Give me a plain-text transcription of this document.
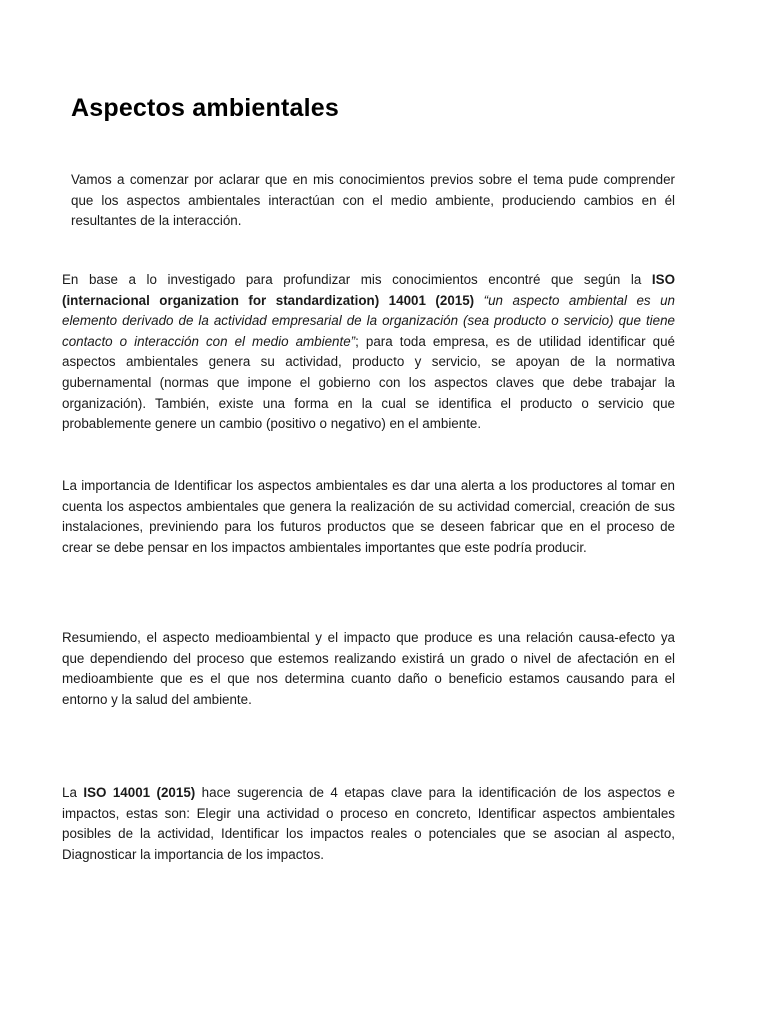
Aspectos ambientales

Vamos a comenzar por aclarar que en mis conocimientos previos sobre el tema pude comprender que los aspectos ambientales interactúan con el medio ambiente, produciendo cambios en él resultantes de la interacción.

En base a lo investigado para profundizar mis conocimientos encontré que según la ISO (internacional organization for standardization) 14001 (2015) “un aspecto ambiental es un elemento derivado de la actividad empresarial de la organización (sea producto o servicio) que tiene contacto o interacción con el medio ambiente”; para toda empresa, es de utilidad identificar qué aspectos ambientales genera su actividad, producto y servicio, se apoyan de la normativa gubernamental (normas que impone el gobierno con los aspectos claves que debe trabajar la organización). También, existe una forma en la cual se identifica el producto o servicio que probablemente genere un cambio (positivo o negativo) en el ambiente.

La importancia de Identificar los aspectos ambientales es dar una alerta a los productores al tomar en cuenta los aspectos ambientales que genera la realización de su actividad comercial, creación de sus instalaciones, previniendo para los futuros productos que se deseen fabricar que en el proceso de crear se debe pensar en los impactos ambientales importantes que este podría producir.

Resumiendo, el aspecto medioambiental y el impacto que produce es una relación causa-efecto ya que dependiendo del proceso que estemos realizando existirá un grado o nivel de afectación en el medioambiente que es el que nos determina cuanto daño o beneficio estamos causando para el entorno y la salud del ambiente.

La ISO 14001 (2015) hace sugerencia de 4 etapas clave para la identificación de los aspectos e impactos, estas son: Elegir una actividad o proceso en concreto, Identificar aspectos ambientales posibles de la actividad, Identificar los impactos reales o potenciales que se asocian al aspecto, Diagnosticar la importancia de los impactos.
